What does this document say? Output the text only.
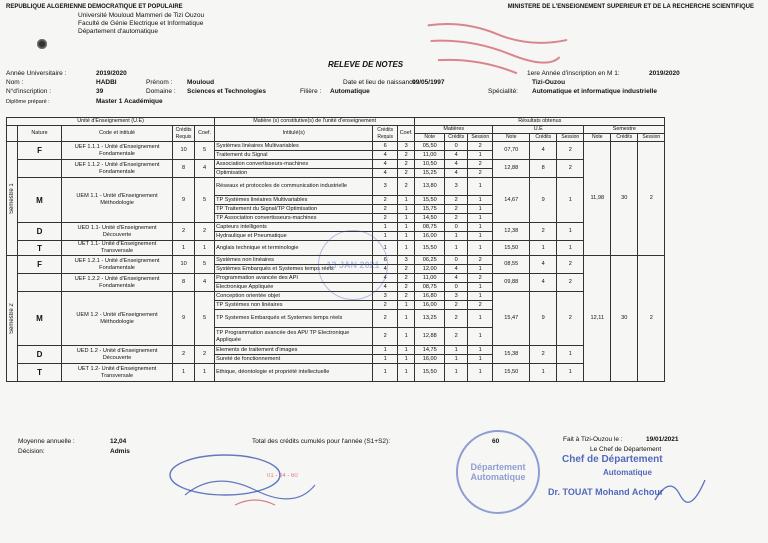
REPUBLIQUE ALGERIENNE DEMOCRATIQUE ET POPULAIRE	MINISTERE DE L'ENSEIGNEMENT SUPERIEUR ET DE LA RECHERCHE SCIENTIFIQUE
Université Mouloud Mammeri de Tizi Ouzou
Faculté de Génie Electrique et Informatique
Département d'automatique
RELEVE DE NOTES
Année Universitaire :	2019/2020	1ere Année d'inscription en M 1:	2019/2020
Nom :	HADBI	Prénom : Mouloud	Date et lieu de naissance :
09/05/1997	Tizi-Ouzou
N°d'inscription :	39	Domaine : Sciences et Technologies	Filière : Automatique	Spécialité: Automatique et informatique industrielle
Diplôme préparé :	Master 1 Académique
Unité d'Enseignement (U.E)					Matière (s) constitutive(s) de l'unité d'enseignement			Résultats obtenus									
	Nature	Code et intitulé	Crédits Requis	Coef.	Intitulé(s)	Crédits Requis	Coef.	Matières			U.E			Semestre			
								Note	Crédits	Session	Note	Crédits	Session	Note	Crédits	Session	
Semestre 1	F	UEF 1.1.1 - Unité d'Enseignement Fondamentale	10	5	Systèmes linéaires Multivariables	6	3	05,50	0	2	07,70	4	2	11,98	30	2	
					Traitement du Signal	4	2	11,00	4	1							
		UEF 1.1.2 - Unité d'Enseignement Fondamentale	8	4	Association convertisseurs-machines	4	2	10,50	4	2	12,88	8	2				
					Optimisation	4	2	15,25	4	2							
	M	UEM 1.1 - Unité d'Enseignement Méthodologie	9	5	Réseaux et protocoles de communication industrielle	3	2	13,80	3	1	14,67	9	1				
					TP Systèmes linéaires Multivariables	2	1	15,50	2	1							
					TP Traitement du Signal/TP Optimisation	2	1	15,75	2	1							
					TP Association convertisseurs-machines	2	1	14,50	2	1							
	D	UED 1.1- Unité d'Enseignement Découverte	2	2	Capteurs intelligents	1	1	08,75	0	1	12,38	2	1				
					Hydraulique et Pneumatique	1	1	16,00	1	1							
	T	UET 1.1- Unité d'Enseignement Transversale	1	1	Anglais technique et terminologie	1	1	15,50	1	1	15,50	1	1				
Semestre 2	F	UEF 1.2.1 - Unité d'Enseignement Fondamentale	10	5	Systèmes non linéaires	6	3	06,25	0	2	08,55	4	2	12,11	30	2	
					Systèmes Embarqués et Systemes temps réels	4	2	12,00	4	1							
		UEF 1.2.2 - Unité d'Enseignement Fondamentale	8	4	Programmation avancée des API	4	2	11,00	4	2	09,88	4	2				
					Electronique Appliquée	4	2	08,75	0	1							
	M	UEM 1.2 - Unité d'Enseignement Méthodologie	9	5	Conception orientée objet	3	2	16,80	3	1	15,47	9	2				
					TP Systèmes non linéaires	2	1	16,00	2	2							
					TP Systemes Embarqués et Systemes temps réels	2	1	13,25	2	1							
					TP Programmation avancée des API/ TP Electronique Appliquée	2	1	12,88	2	1							
	D	UED 1.2 - Unité d'Enseignement Découverte	2	2	Elements de traitement d'images	1	1	14,75	1	1	15,38	2	1				
					Sureté de fonctionnement	1	1	16,00	1	1							
	T	UET 1.2- Unité d'Enseignement Transversale	1	1	Ethique, déontologie et propriété intellectuelle	1	1	15,50	1	1	15,50	1	1				
Moyenne annuelle :	12,04
Décision:	Admis
Total des crédits cumulés pour l'année (S1+S2):	60	Fait à Tizi-Ouzou le :	19/01/2021
Le Chef de Département
Chef de Département
Automatique
Dr. TOUAT Mohand Achour
Département Automatique
13 JAN 2021
01 - 04 - 60
